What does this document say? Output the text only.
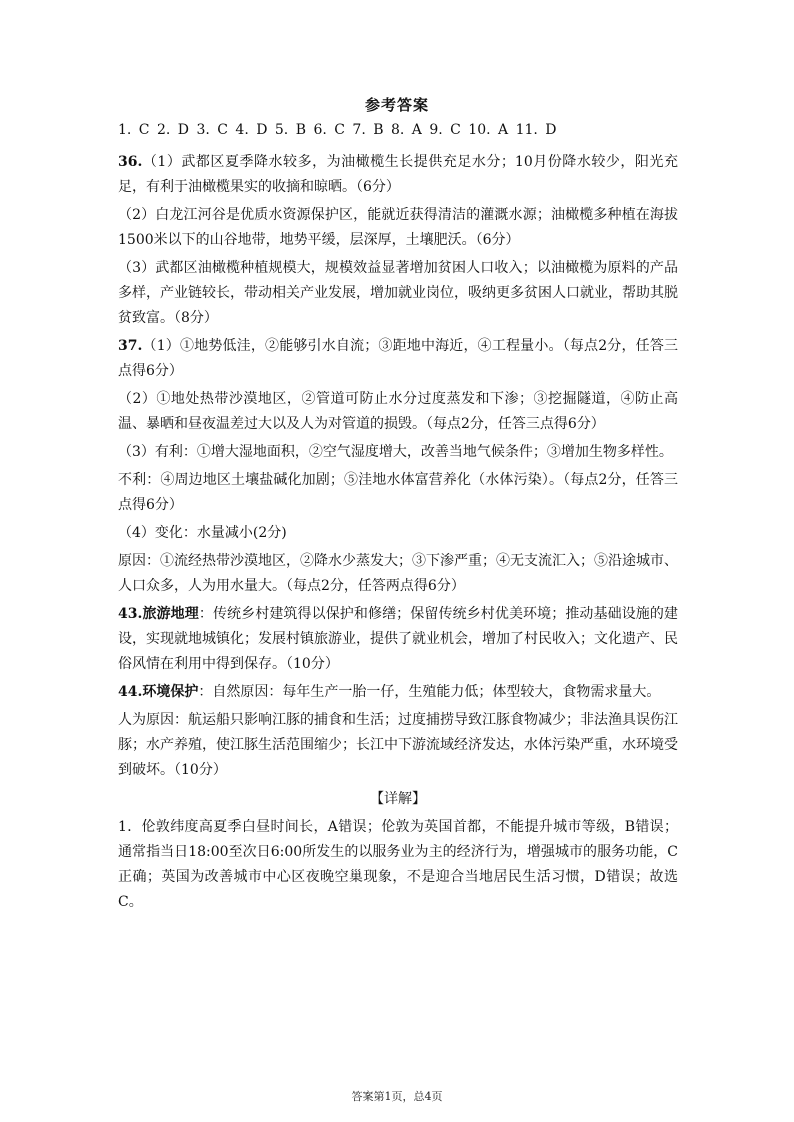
参考答案
1. C 2. D 3. C 4. D 5. B 6. C 7. B 8. A 9. C 10. A 11. D

36.（1）武都区夏季降水较多，为油橄榄生长提供充足水分；10月份降水较少，阳光充足，有利于油橄榄果实的收摘和晾晒。（6分）

（2）白龙江河谷是优质水资源保护区，能就近获得清洁的灌溉水源；油橄榄多种植在海拔1500米以下的山谷地带，地势平缓，层深厚，土壤肥沃。（6分）

（3）武都区油橄榄种植规模大，规模效益显著增加贫困人口收入；以油橄榄为原料的产品多样，产业链较长，带动相关产业发展，增加就业岗位，吸纳更多贫困人口就业，帮助其脱贫致富。（8分）

37.（1）①地势低洼，②能够引水自流；③距地中海近，④工程量小。（每点2分，任答三点得6分）

（2）①地处热带沙漠地区，②管道可防止水分过度蒸发和下渗；③挖掘隧道，④防止高温、暴晒和昼夜温差过大以及人为对管道的损毁。（每点2分，任答三点得6分）

（3）有利：①增大湿地面积，②空气湿度增大，改善当地气候条件；③增加生物多样性。

不利：④周边地区土壤盐碱化加剧；⑤洼地水体富营养化（水体污染）。（每点2分，任答三点得6分）

（4）变化：水量减小(2分)

原因：①流经热带沙漠地区，②降水少蒸发大；③下渗严重；④无支流汇入；⑤沿途城市、人口众多，人为用水量大。（每点2分，任答两点得6分）

43.旅游地理：传统乡村建筑得以保护和修缮；保留传统乡村优美环境；推动基础设施的建设，实现就地城镇化；发展村镇旅游业，提供了就业机会，增加了村民收入；文化遗产、民俗风情在利用中得到保存。（10分）

44.环境保护：自然原因：每年生产一胎一仔，生殖能力低；体型较大，食物需求量大。

人为原因：航运船只影响江豚的捕食和生活；过度捕捞导致江豚食物减少；非法渔具误伤江豚；水产养殖，使江豚生活范围缩少；长江中下游流域经济发达，水体污染严重，水环境受到破坏。（10分）

【详解】

1．伦敦纬度高夏季白昼时间长，A错误；伦敦为英国首都，不能提升城市等级，B错误；通常指当日18:00至次日6:00所发生的以服务业为主的经济行为，增强城市的服务功能，C正确；英国为改善城市中心区夜晚空巢现象，不是迎合当地居民生活习惯，D错误；故选C。

答案第1页，总4页
